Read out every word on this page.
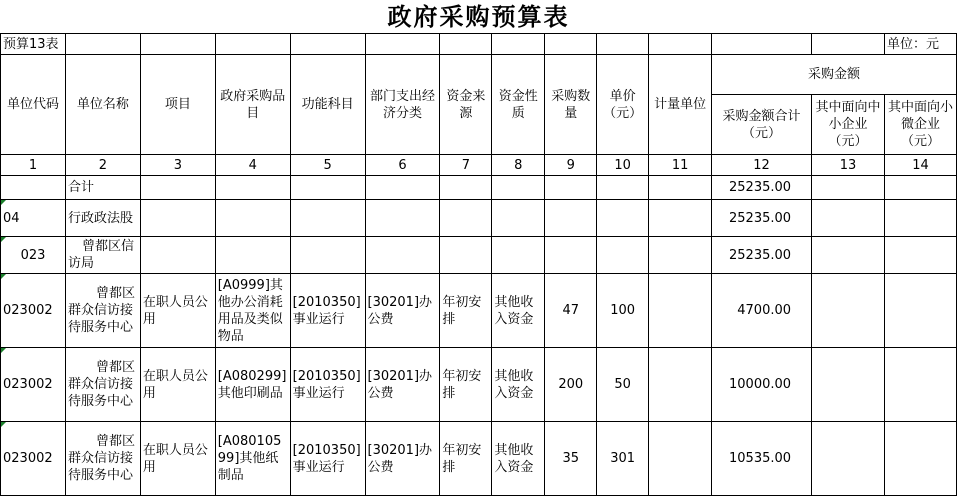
政府采购预算表
预算13表													单位：元
单位代码	单位名称	项目	政府采购品目	功能科目	部门支出经济分类	资金来源	资金性质	采购数量	单价（元）	计量单位	采购金额		
											采购金额合计（元）	其中面向中小企业（元）	其中面向小微企业（元）
1	2	3	4	5	6	7	8	9	10	11	12	13	14
	合计										25235.00		
04	行政政法股										25235.00		
023	曾都区信访局										25235.00		
023002	曾都区群众信访接待服务中心	在职人员公用	[A0999]其他办公消耗用品及类似物品	[2010350]事业运行	[30201]办公费	年初安排	其他收入资金	47	100		4700.00		
023002	曾都区群众信访接待服务中心	在职人员公用	[A080299]其他印刷品	[2010350]事业运行	[30201]办公费	年初安排	其他收入资金	200	50		10000.00		
023002	曾都区群众信访接待服务中心	在职人员公用	[A08010599]其他纸制品	[2010350]事业运行	[30201]办公费	年初安排	其他收入资金	35	301		10535.00		
